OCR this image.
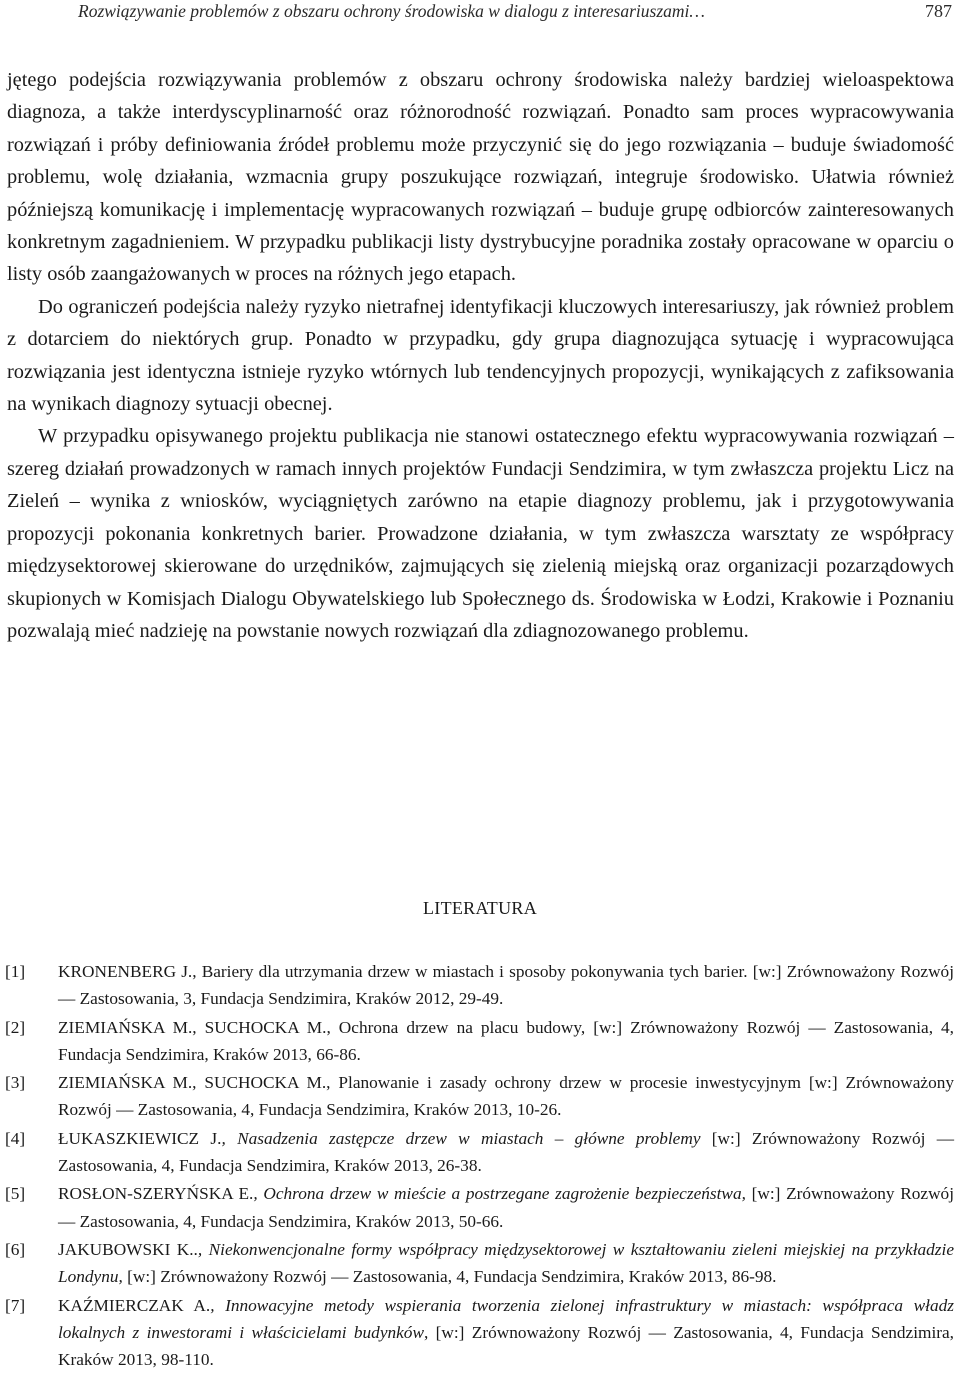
Rozwiązywanie problemów z obszaru ochrony środowiska w dialogu z interesariuszami…	787

jętego podejścia rozwiązywania problemów z obszaru ochrony środowiska należy bardziej wieloaspektowa diagnoza, a także interdyscyplinarność oraz różnorodność rozwiązań. Ponadto sam proces wypracowywania rozwiązań i próby definiowania źródeł problemu może przyczynić się do jego rozwiązania – buduje świadomość problemu, wolę działania, wzmacnia grupy poszukujące rozwiązań, integruje środowisko. Ułatwia również późniejszą komunikację i implementację wypracowanych rozwiązań – buduje grupę odbiorców zainteresowanych konkretnym zagadnieniem. W przypadku publikacji listy dystrybucyjne poradnika zostały opracowane w oparciu o listy osób zaangażowanych w proces na różnych jego etapach.

Do ograniczeń podejścia należy ryzyko nietrafnej identyfikacji kluczowych interesariuszy, jak również problem z dotarciem do niektórych grup. Ponadto w przypadku, gdy grupa diagnozująca sytuację i wypracowująca rozwiązania jest identyczna istnieje ryzyko wtórnych lub tendencyjnych propozycji, wynikających z zafiksowania na wynikach diagnozy sytuacji obecnej.

W przypadku opisywanego projektu publikacja nie stanowi ostatecznego efektu wypracowywania rozwiązań – szereg działań prowadzonych w ramach innych projektów Fundacji Sendzimira, w tym zwłaszcza projektu Licz na Zieleń – wynika z wniosków, wyciągniętych zarówno na etapie diagnozy problemu, jak i przygotowywania propozycji pokonania konkretnych barier. Prowadzone działania, w tym zwłaszcza warsztaty ze współpracy międzysektorowej skierowane do urzędników, zajmujących się zielenią miejską oraz organizacji pozarządowych skupionych w Komisjach Dialogu Obywatelskiego lub Społecznego ds. Środowiska w Łodzi, Krakowie i Poznaniu pozwalają mieć nadzieję na powstanie nowych rozwiązań dla zdiagnozowanego problemu.

LITERATURA
[1] KRONENBERG J., Bariery dla utrzymania drzew w miastach i sposoby pokonywania tych barier. [w:] Zrównoważony Rozwój — Zastosowania, 3, Fundacja Sendzimira, Kraków 2012, 29-49.
[2] ZIEMIAŃSKA M., SUCHOCKA M., Ochrona drzew na placu budowy, [w:] Zrównoważony Rozwój — Zastosowania, 4, Fundacja Sendzimira, Kraków 2013, 66-86.
[3] ZIEMIAŃSKA M., SUCHOCKA M., Planowanie i zasady ochrony drzew w procesie inwestycyjnym [w:] Zrównoważony Rozwój — Zastosowania, 4, Fundacja Sendzimira, Kraków 2013, 10-26.
[4] ŁUKASZKIEWICZ J., Nasadzenia zastępcze drzew w miastach – główne problemy [w:] Zrównoważony Rozwój — Zastosowania, 4, Fundacja Sendzimira, Kraków 2013, 26-38.
[5] ROSŁON-SZERYŃSKA E., Ochrona drzew w mieście a postrzegane zagrożenie bezpieczeństwa, [w:] Zrównoważony Rozwój — Zastosowania, 4, Fundacja Sendzimira, Kraków 2013, 50-66.
[6] JAKUBOWSKI K.., Niekonwencjonalne formy współpracy międzysektorowej w kształtowaniu zieleni miejskiej na przykładzie Londynu, [w:] Zrównoważony Rozwój — Zastosowania, 4, Fundacja Sendzimira, Kraków 2013, 86-98.
[7] KAŹMIERCZAK A., Innowacyjne metody wspierania tworzenia zielonej infrastruktury w miastach: współpraca władz lokalnych z inwestorami i właścicielami budynków, [w:] Zrównoważony Rozwój — Zastosowania, 4, Fundacja Sendzimira, Kraków 2013, 98-110.
